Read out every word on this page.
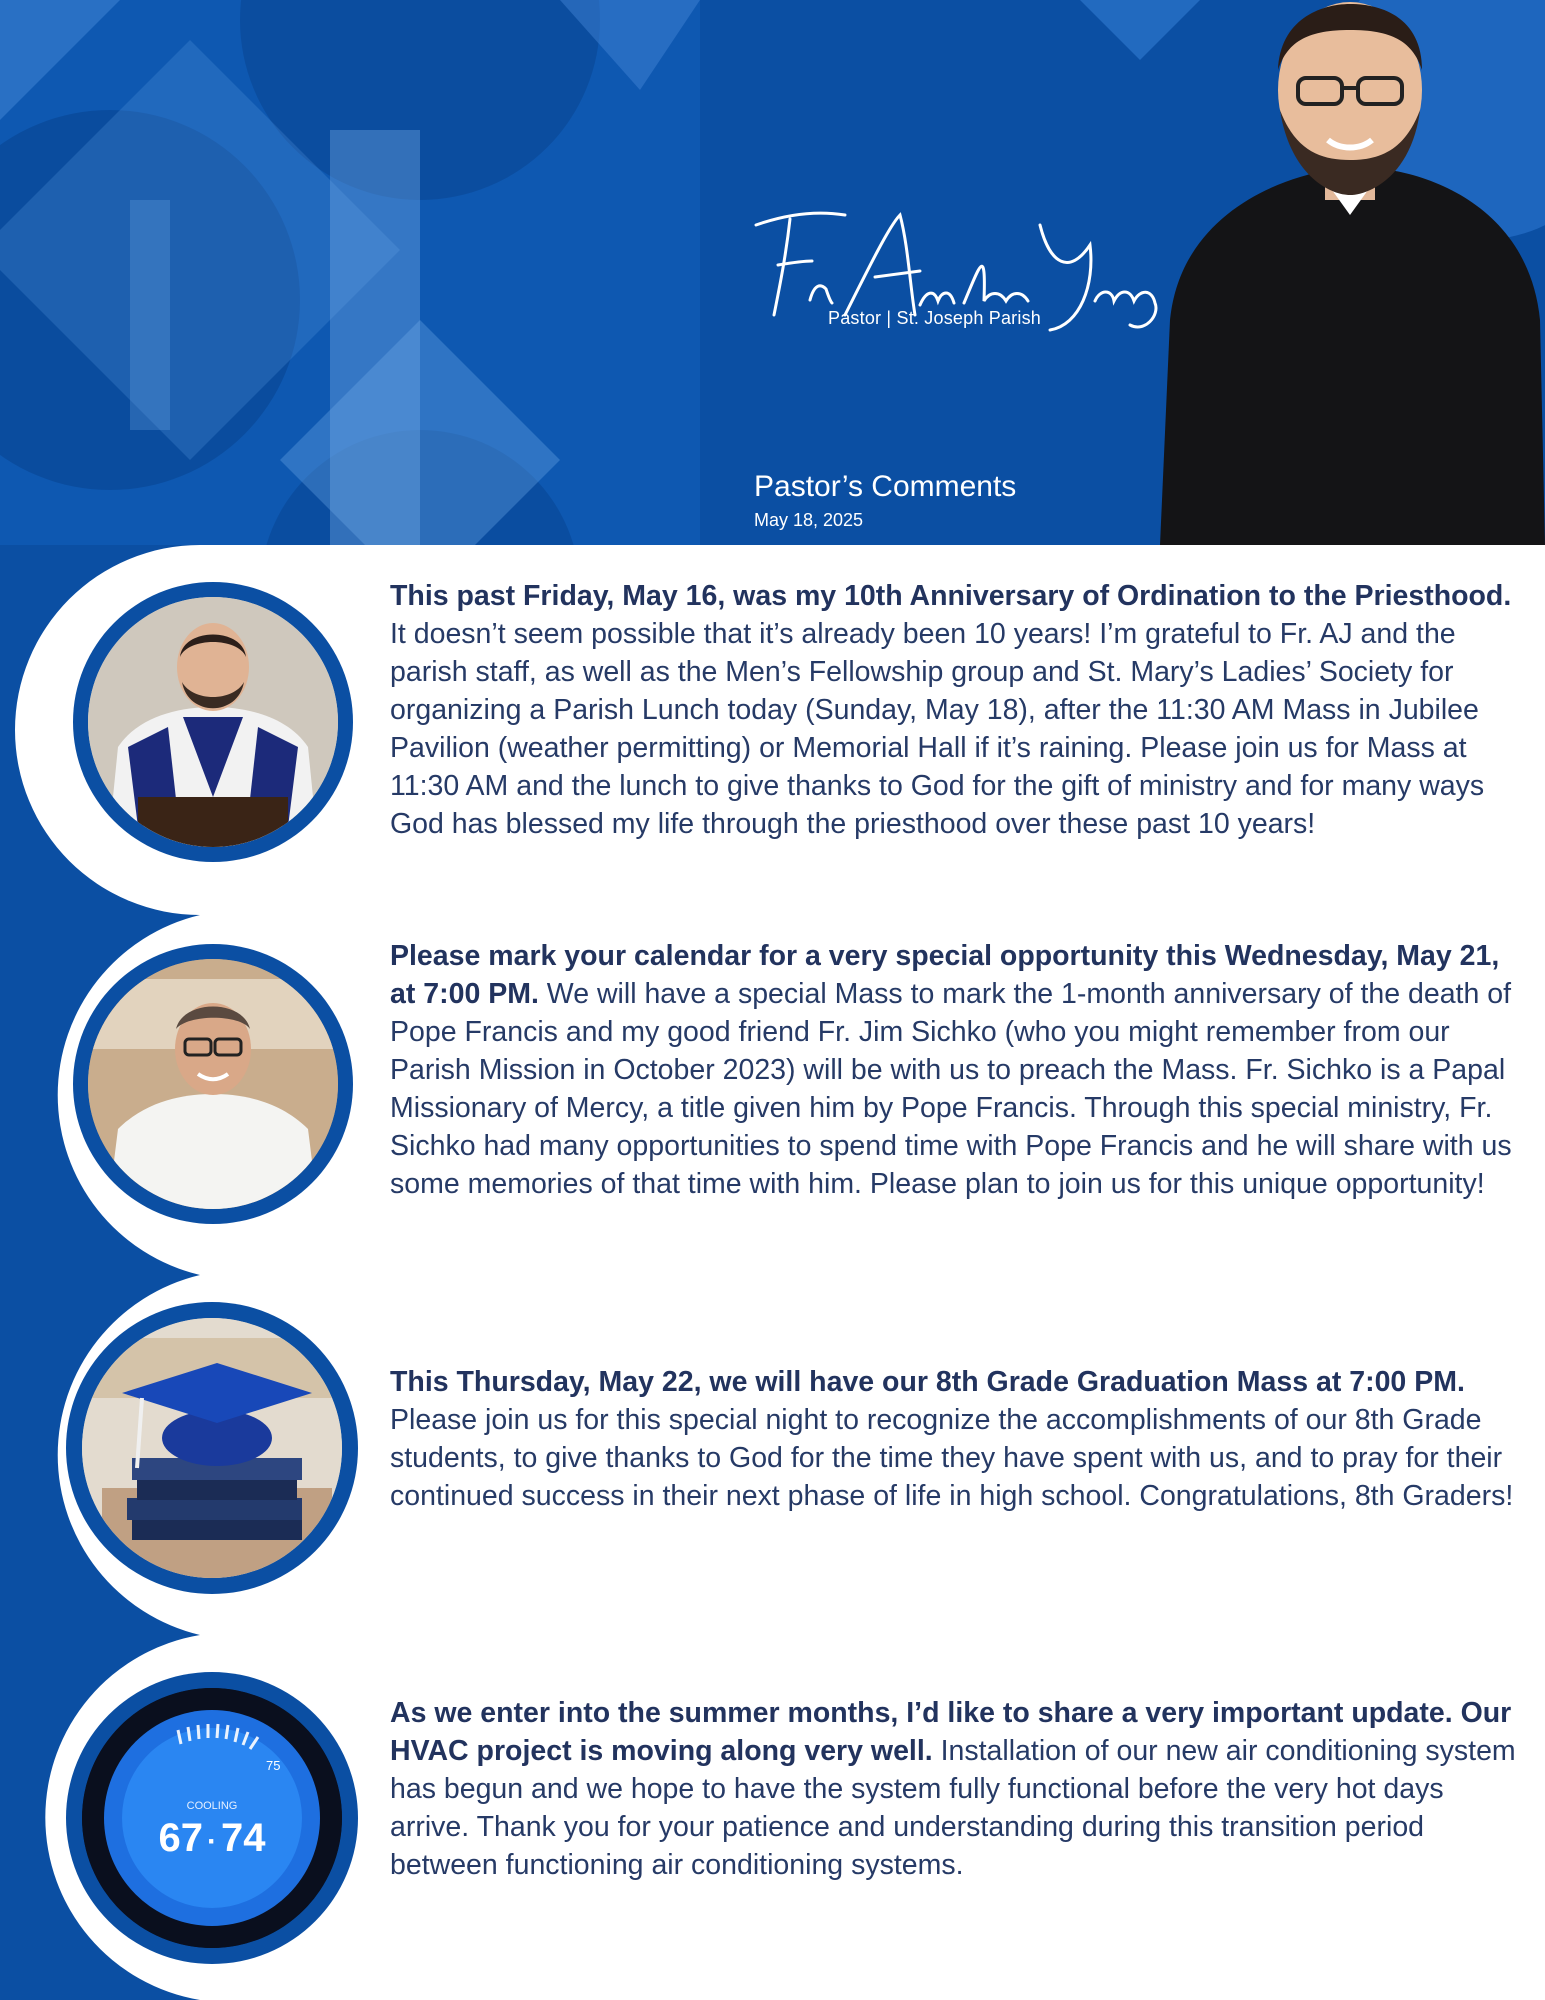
Pastor | St. Joseph Parish
Pastor’s Comments
May 18, 2025
COOLING
67 · 74
75
This past Friday, May 16, was my 10th Anniversary of Ordination to the Priesthood. It doesn’t seem possible that it’s already been 10 years! I’m grateful to Fr. AJ and the parish staff, as well as the Men’s Fellowship group and St. Mary’s Ladies’ Society for organizing a Parish Lunch today (Sunday, May 18), after the 11:30 AM Mass in Jubilee Pavilion (weather permitting) or Memorial Hall if it’s raining. Please join us for Mass at 11:30 AM and the lunch to give thanks to God for the gift of ministry and for many ways God has blessed my life through the priesthood over these past 10 years!
Please mark your calendar for a very special opportunity this Wednesday, May 21, at 7:00 PM. We will have a special Mass to mark the 1-month anniversary of the death of Pope Francis and my good friend Fr. Jim Sichko (who you might remember from our Parish Mission in October 2023) will be with us to preach the Mass. Fr. Sichko is a Papal Missionary of Mercy, a title given him by Pope Francis. Through this special ministry, Fr. Sichko had many opportunities to spend time with Pope Francis and he will share with us some memories of that time with him. Please plan to join us for this unique opportunity!
This Thursday, May 22, we will have our 8th Grade Graduation Mass at 7:00 PM. Please join us for this special night to recognize the accomplishments of our 8th Grade students, to give thanks to God for the time they have spent with us, and to pray for their continued success in their next phase of life in high school. Congratulations, 8th Graders!
As we enter into the summer months, I’d like to share a very important update. Our HVAC project is moving along very well. Installation of our new air conditioning system has begun and we hope to have the system fully functional before the very hot days arrive. Thank you for your patience and understanding during this transition period between functioning air conditioning systems.
